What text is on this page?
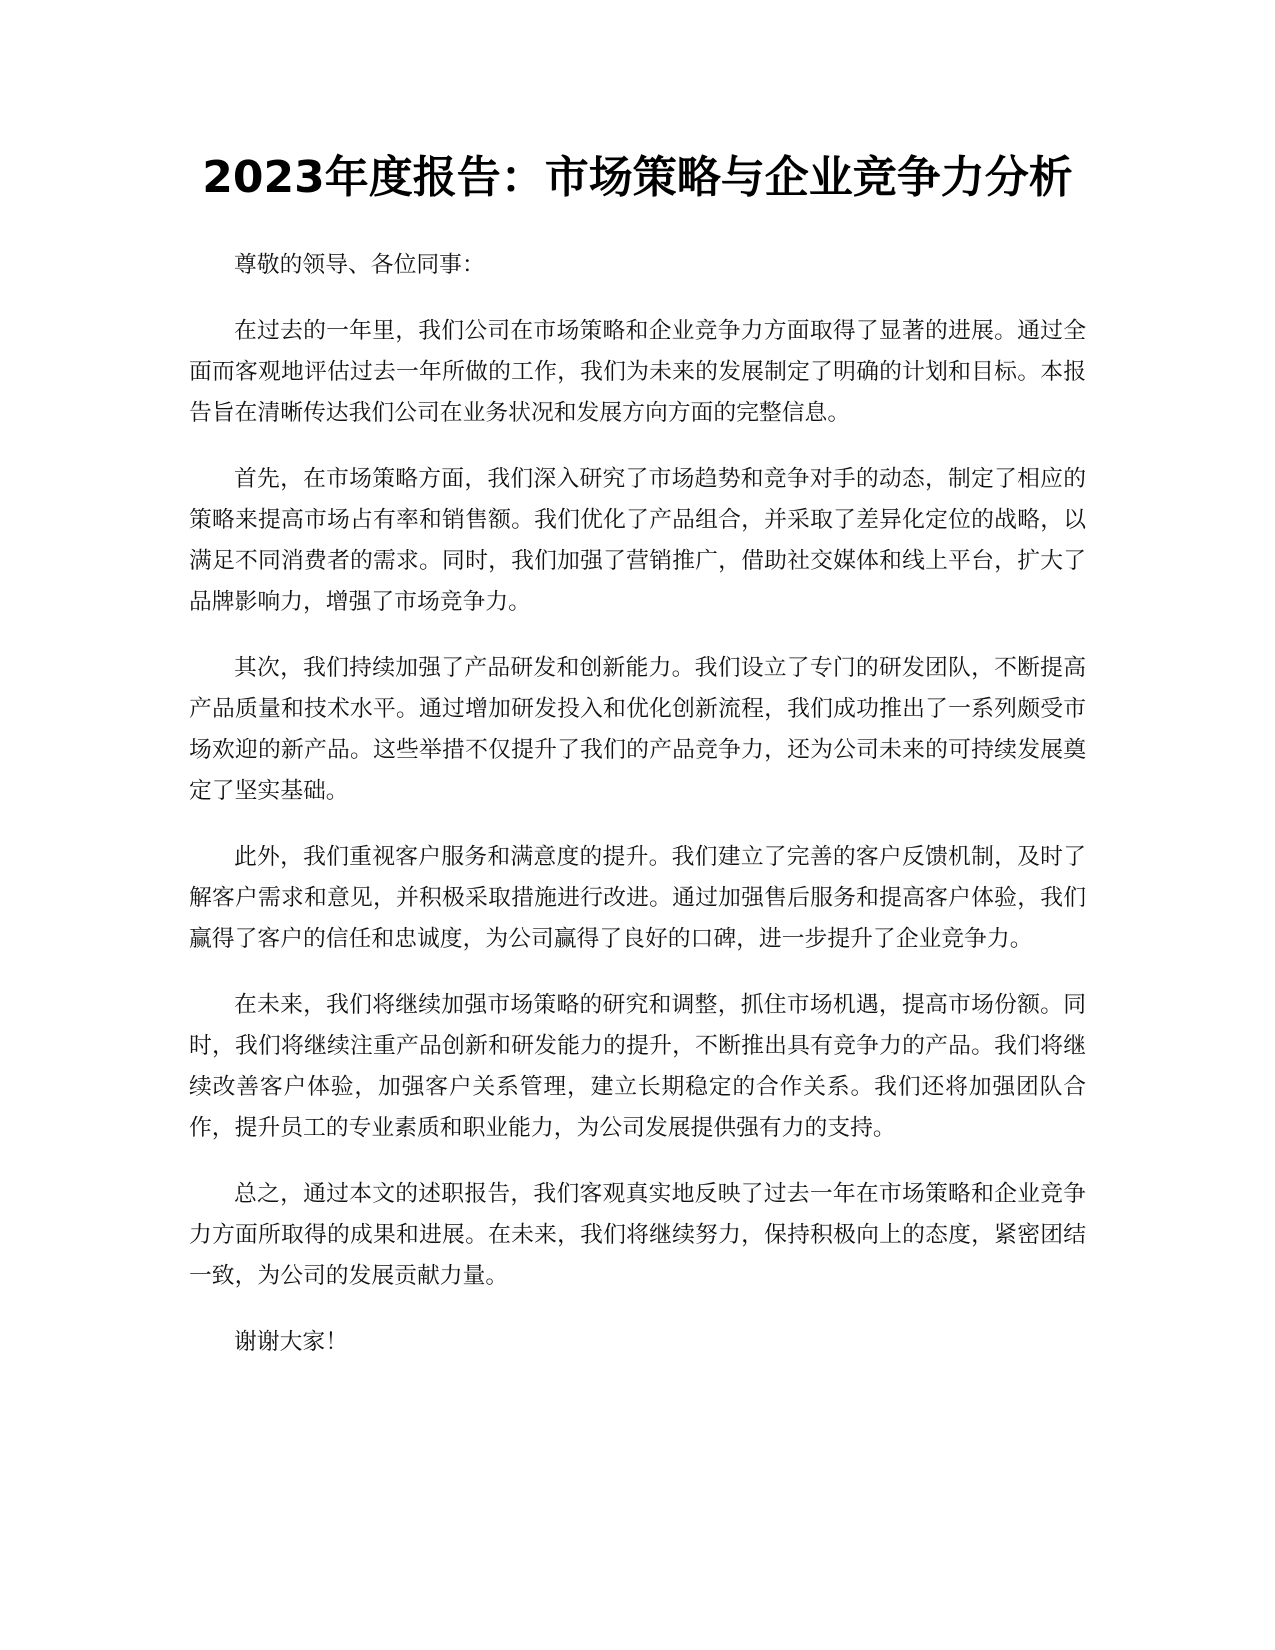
2023年度报告：市场策略与企业竞争力分析

尊敬的领导、各位同事：

在过去的一年里，我们公司在市场策略和企业竞争力方面取得了显著的进展。通过全面而客观地评估过去一年所做的工作，我们为未来的发展制定了明确的计划和目标。本报告旨在清晰传达我们公司在业务状况和发展方向方面的完整信息。

首先，在市场策略方面，我们深入研究了市场趋势和竞争对手的动态，制定了相应的策略来提高市场占有率和销售额。我们优化了产品组合，并采取了差异化定位的战略，以满足不同消费者的需求。同时，我们加强了营销推广，借助社交媒体和线上平台，扩大了品牌影响力，增强了市场竞争力。

其次，我们持续加强了产品研发和创新能力。我们设立了专门的研发团队，不断提高产品质量和技术水平。通过增加研发投入和优化创新流程，我们成功推出了一系列颇受市场欢迎的新产品。这些举措不仅提升了我们的产品竞争力，还为公司未来的可持续发展奠定了坚实基础。

此外，我们重视客户服务和满意度的提升。我们建立了完善的客户反馈机制，及时了解客户需求和意见，并积极采取措施进行改进。通过加强售后服务和提高客户体验，我们赢得了客户的信任和忠诚度，为公司赢得了良好的口碑，进一步提升了企业竞争力。

在未来，我们将继续加强市场策略的研究和调整，抓住市场机遇，提高市场份额。同时，我们将继续注重产品创新和研发能力的提升，不断推出具有竞争力的产品。我们将继续改善客户体验，加强客户关系管理，建立长期稳定的合作关系。我们还将加强团队合作，提升员工的专业素质和职业能力，为公司发展提供强有力的支持。

总之，通过本文的述职报告，我们客观真实地反映了过去一年在市场策略和企业竞争力方面所取得的成果和进展。在未来，我们将继续努力，保持积极向上的态度，紧密团结一致，为公司的发展贡献力量。

谢谢大家！
